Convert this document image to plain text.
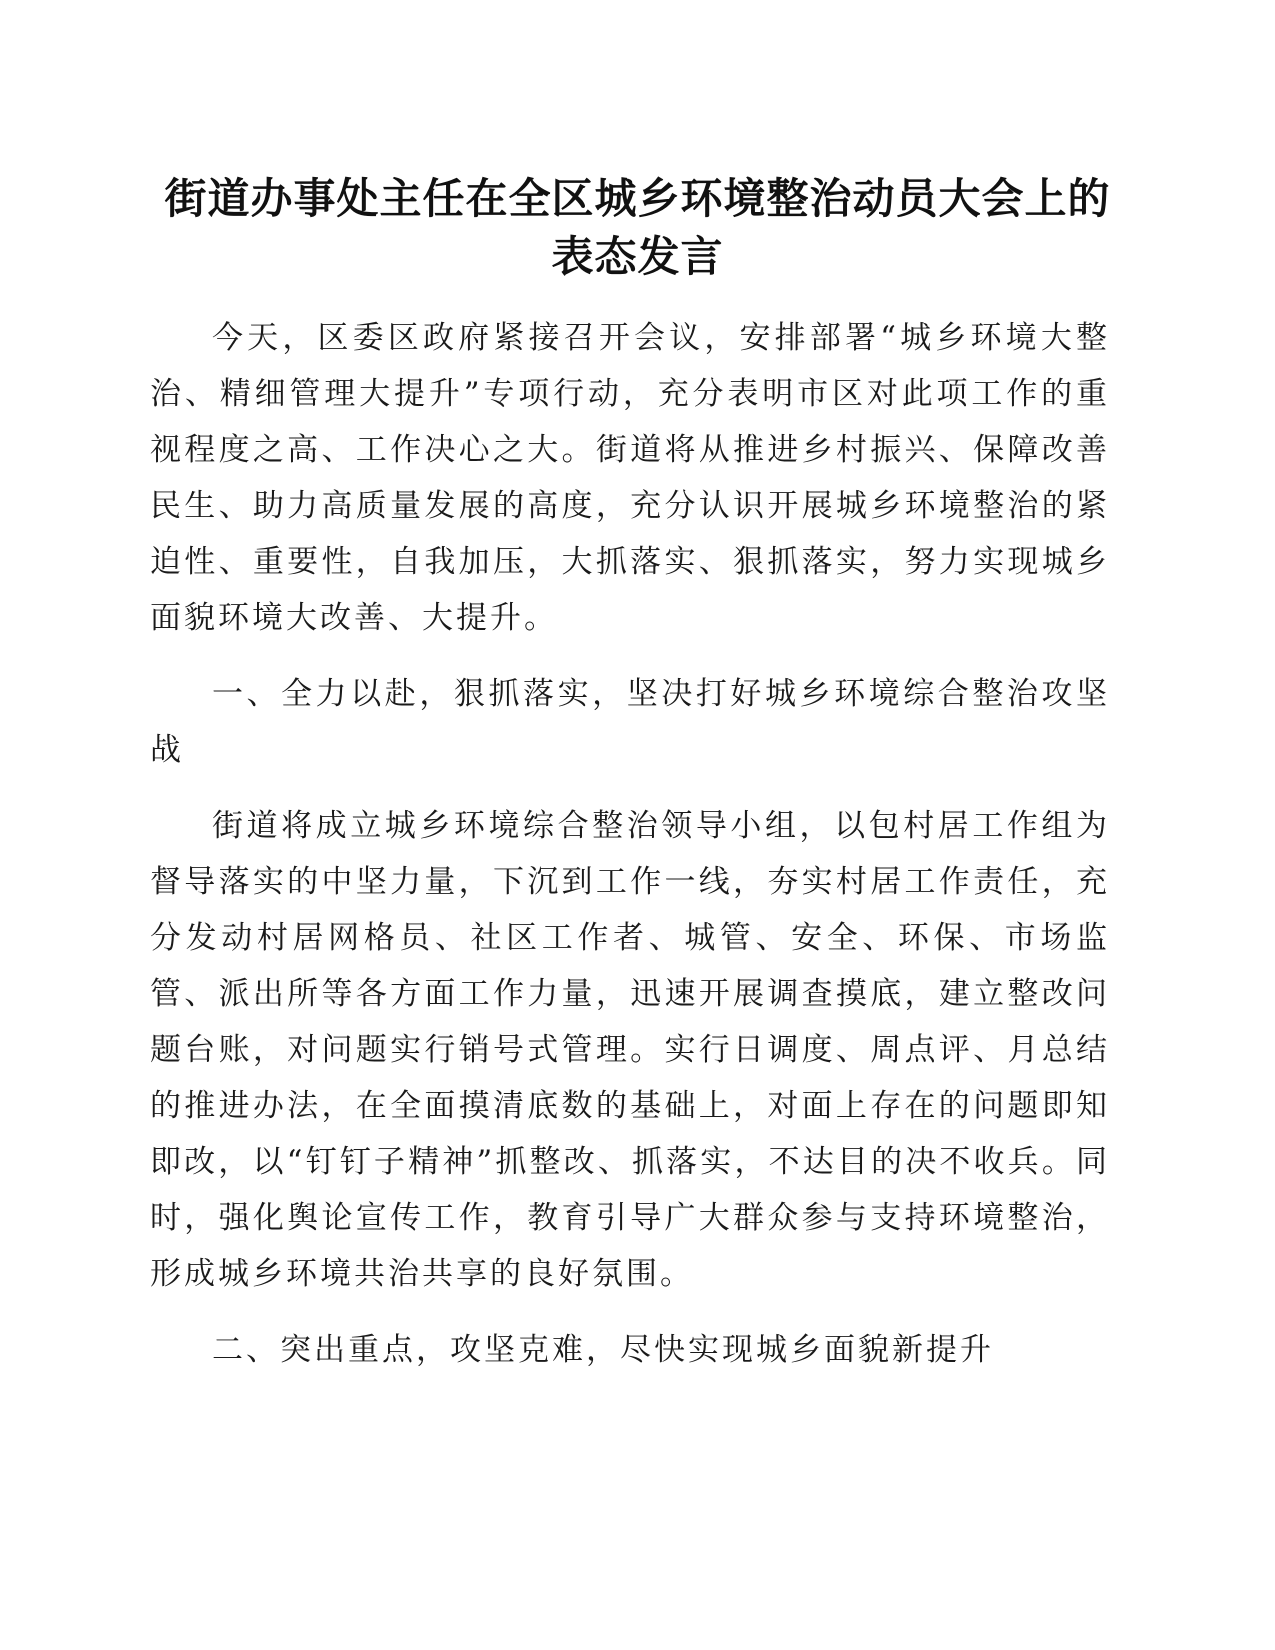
街道办事处主任在全区城乡环境整治动员大会上的表态发言

今天，区委区政府紧接召开会议，安排部署“城乡环境大整治、精细管理大提升”专项行动，充分表明市区对此项工作的重视程度之高、工作决心之大。街道将从推进乡村振兴、保障改善民生、助力高质量发展的高度，充分认识开展城乡环境整治的紧迫性、重要性，自我加压，大抓落实、狠抓落实，努力实现城乡面貌环境大改善、大提升。

一、全力以赴，狠抓落实，坚决打好城乡环境综合整治攻坚战

街道将成立城乡环境综合整治领导小组，以包村居工作组为督导落实的中坚力量，下沉到工作一线，夯实村居工作责任，充分发动村居网格员、社区工作者、城管、安全、环保、市场监管、派出所等各方面工作力量，迅速开展调查摸底，建立整改问题台账，对问题实行销号式管理。实行日调度、周点评、月总结的推进办法，在全面摸清底数的基础上，对面上存在的问题即知即改，以“钉钉子精神”抓整改、抓落实，不达目的决不收兵。同时，强化舆论宣传工作，教育引导广大群众参与支持环境整治，形成城乡环境共治共享的良好氛围。

二、突出重点，攻坚克难，尽快实现城乡面貌新提升
